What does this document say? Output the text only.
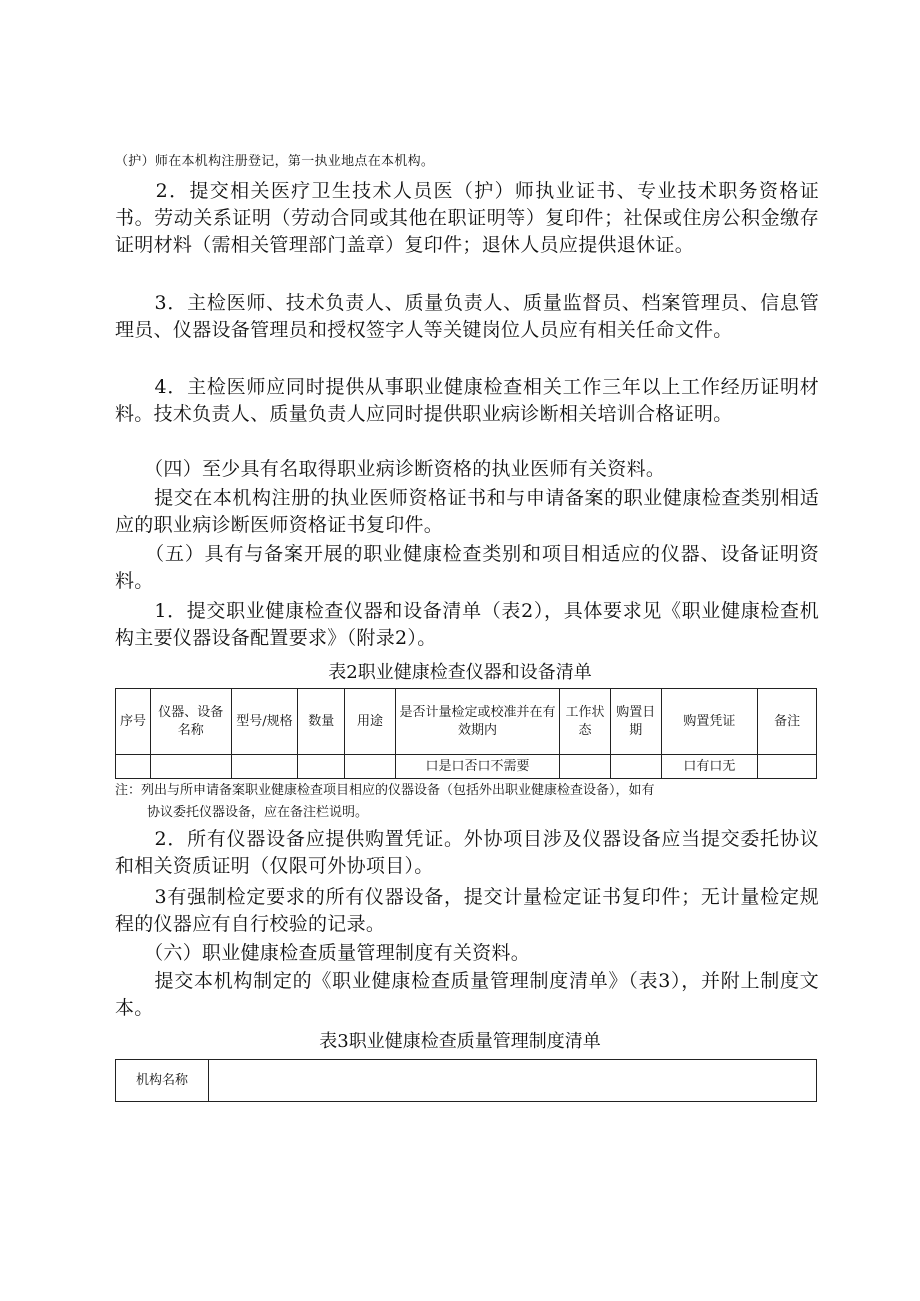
（护）师在本机构注册登记，第一执业地点在本机构。

　　2．提交相关医疗卫生技术人员医（护）师执业证书、专业技术职务资格证书。劳动关系证明（劳动合同或其他在职证明等）复印件；社保或住房公积金缴存证明材料（需相关管理部门盖章）复印件；退休人员应提供退休证。

　　3．主检医师、技术负责人、质量负责人、质量监督员、档案管理员、信息管理员、仪器设备管理员和授权签字人等关键岗位人员应有相关任命文件。

　　4．主检医师应同时提供从事职业健康检查相关工作三年以上工作经历证明材料。技术负责人、质量负责人应同时提供职业病诊断相关培训合格证明。

　　（四）至少具有名取得职业病诊断资格的执业医师有关资料。

　　提交在本机构注册的执业医师资格证书和与申请备案的职业健康检查类别相适应的职业病诊断医师资格证书复印件。

　　（五）具有与备案开展的职业健康检查类别和项目相适应的仪器、设备证明资料。

　　1．提交职业健康检查仪器和设备清单（表2），具体要求见《职业健康检查机构主要仪器设备配置要求》（附录2）。

表2职业健康检查仪器和设备清单
序号	仪器、设备名称	型号/规格	数量	用途	是否计量检定或校准并在有效期内	工作状态	购置日期	购置凭证	备注
					口是口否口不需要			口有口无	
注：列出与所申请备案职业健康检查项目相应的仪器设备（包括外出职业健康检查设备），如有
协议委托仪器设备，应在备注栏说明。

　　2．所有仪器设备应提供购置凭证。外协项目涉及仪器设备应当提交委托协议和相关资质证明（仅限可外协项目）。

　　3有强制检定要求的所有仪器设备，提交计量检定证书复印件；无计量检定规程的仪器应有自行校验的记录。

　　（六）职业健康检查质量管理制度有关资料。

　　提交本机构制定的《职业健康检查质量管理制度清单》（表3），并附上制度文本。

表3职业健康检查质量管理制度清单
机构名称	
